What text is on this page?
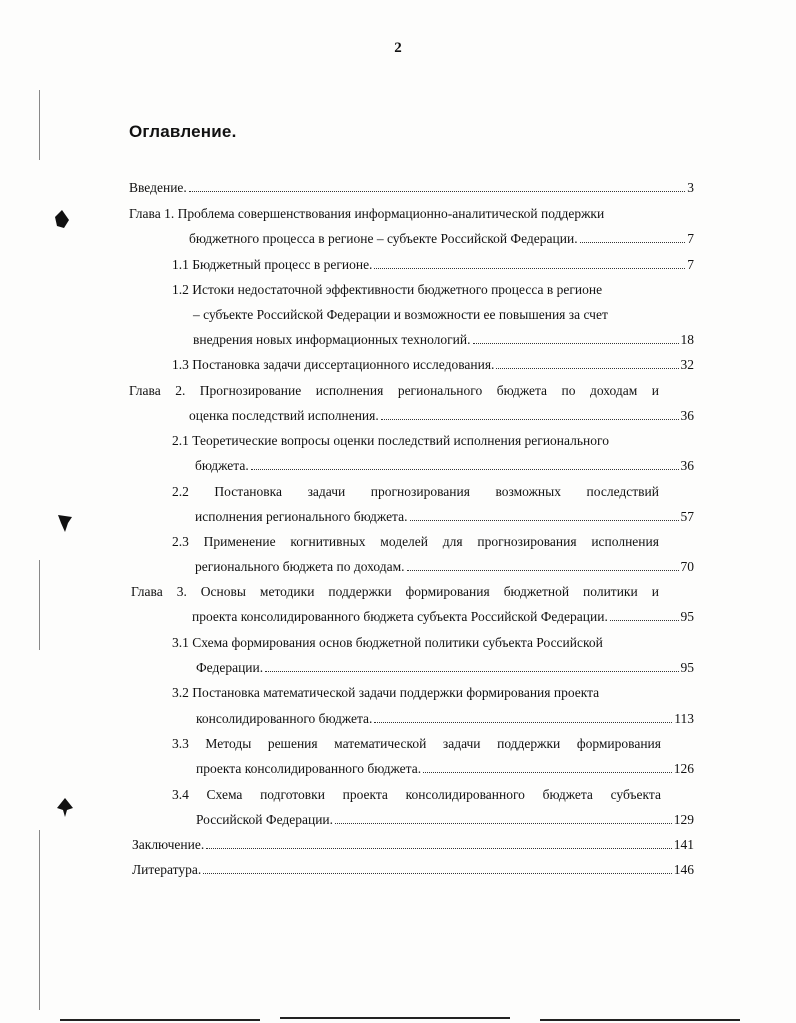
2
Оглавление.
Введение.	3
Глава 1. Проблема совершенствования информационно-аналитической поддержки
бюджетного процесса в регионе – субъекте Российской Федерации.	7
1.1 Бюджетный процесс в регионе.	7
1.2 Истоки недостаточной эффективности бюджетного процесса в регионе
– субъекте Российской Федерации и возможности ее повышения за счет
внедрения новых информационных технологий.	18
1.3 Постановка задачи диссертационного исследования.	32
Глава 2. Прогнозирование исполнения регионального бюджета по доходам и
оценка последствий исполнения.	36
2.1 Теоретические вопросы оценки последствий исполнения регионального
бюджета.	36
2.2 Постановка задачи прогнозирования возможных последствий
исполнения регионального бюджета.	57
2.3 Применение когнитивных моделей для прогнозирования исполнения
регионального бюджета по доходам.	70
Глава 3. Основы методики поддержки формирования бюджетной политики и
проекта консолидированного бюджета субъекта Российской Федерации.	95
3.1 Схема формирования основ бюджетной политики субъекта Российской
Федерации.	95
3.2 Постановка математической задачи поддержки формирования проекта
консолидированного бюджета.	113
3.3 Методы решения математической задачи поддержки формирования
проекта консолидированного бюджета.	126
3.4 Схема подготовки проекта консолидированного бюджета субъекта
Российской Федерации.	129
Заключение.	141
Литература.	146
